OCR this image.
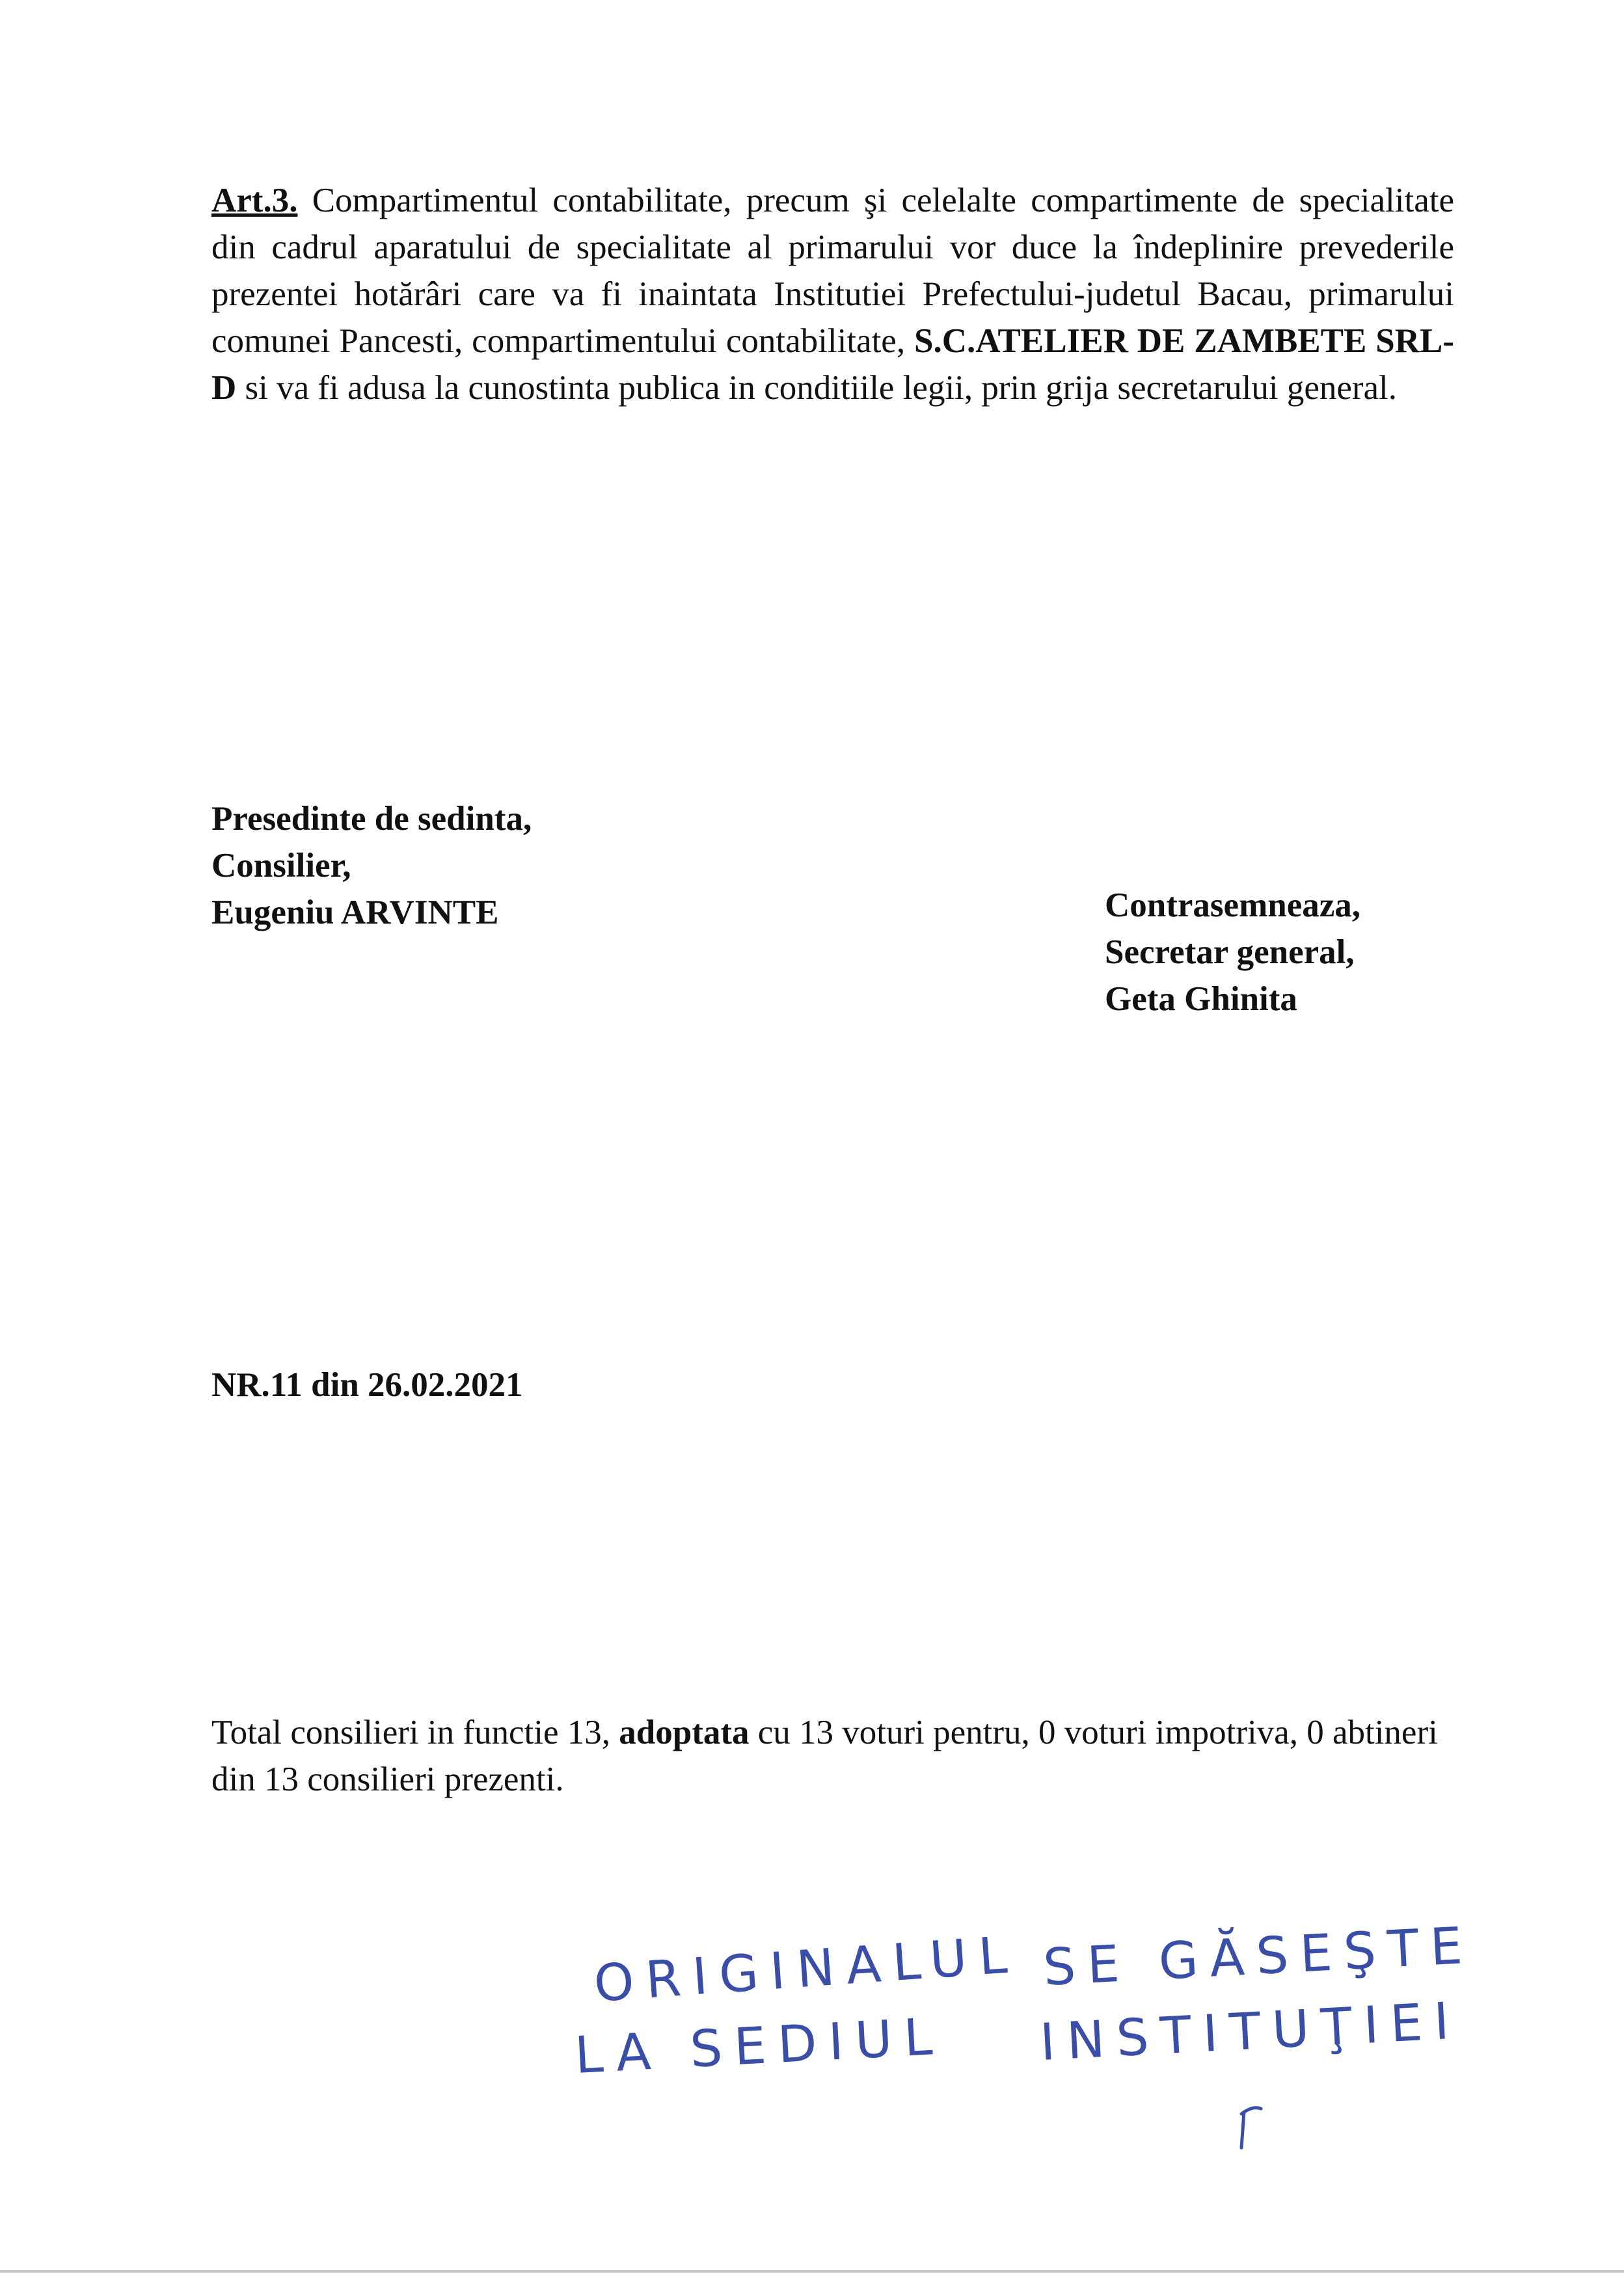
Art.3. Compartimentul contabilitate, precum şi celelalte compartimente de specialitate din cadrul aparatului de specialitate al primarului vor duce la îndeplinire prevederile prezentei hotărâri care va fi inaintata Institutiei Prefectului-judetul Bacau, primarului comunei Pancesti, compartimentului contabilitate, S.C.ATELIER DE ZAMBETE SRL-D si va fi adusa la cunostinta publica in conditiile legii, prin grija secretarului general.

Presedinte de sedinta,
Consilier,
Eugeniu ARVINTE	Contrasemneaza,
Secretar general,
Geta Ghinita
NR.11 din 26.02.2021

Total consilieri in functie 13, adoptata cu 13 voturi pentru, 0 voturi impotriva, 0 abtineri din 13 consilieri prezenti.

ORIGINALUL SE GĂSEŞTE
LA SEDIUL INSTITUŢIEI
